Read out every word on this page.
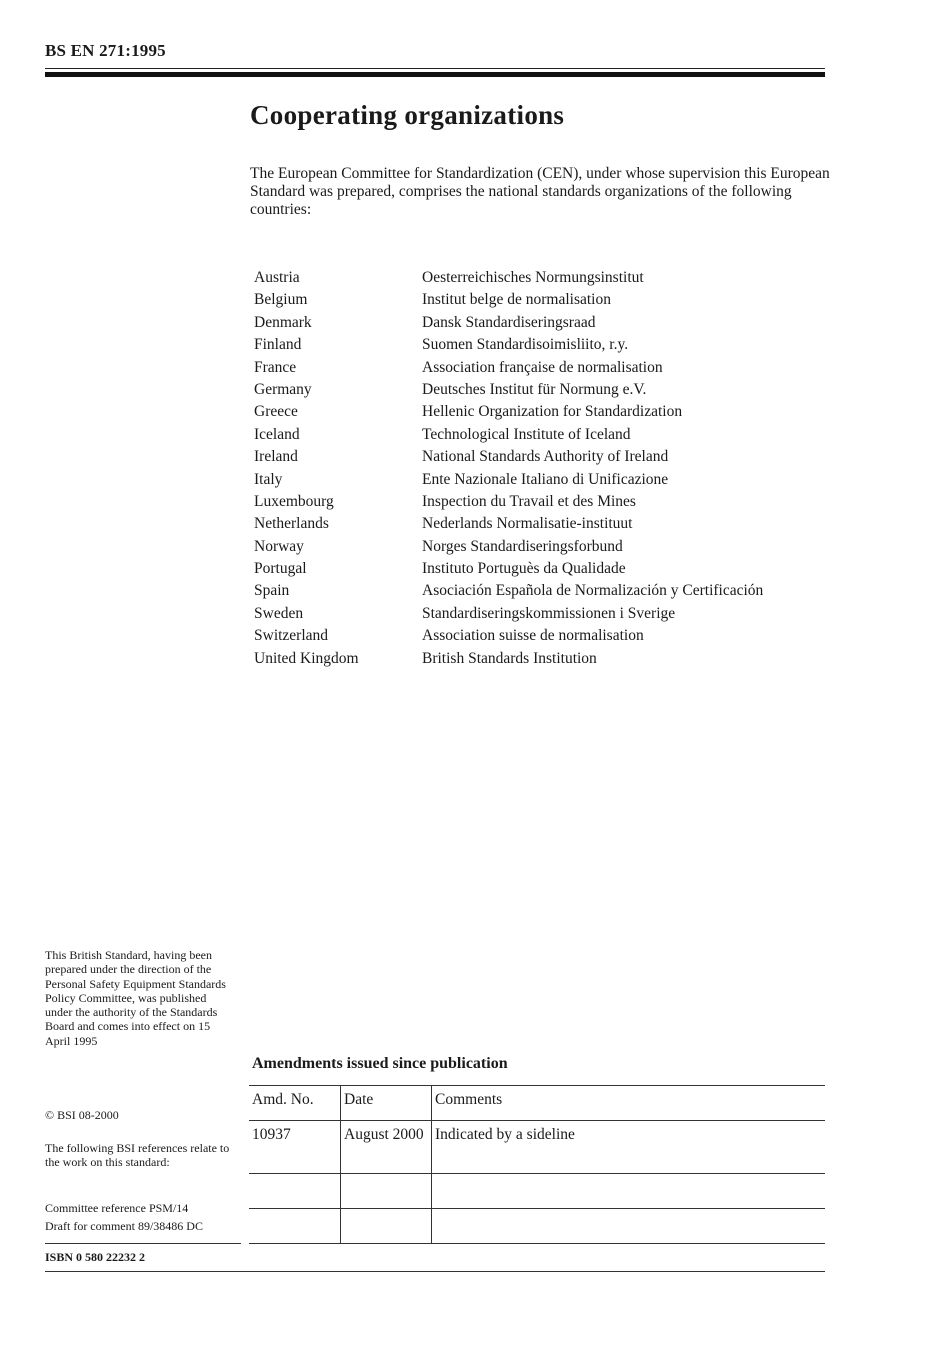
BS EN 271:1995
Cooperating organizations

The European Committee for Standardization (CEN), under whose supervision this European Standard was prepared, comprises the national standards organizations of the following countries:

Austria	Oesterreichisches Normungsinstitut
Belgium	Institut belge de normalisation
Denmark	Dansk Standardiseringsraad
Finland	Suomen Standardisoimisliito, r.y.
France	Association française de normalisation
Germany	Deutsches Institut für Normung e.V.
Greece	Hellenic Organization for Standardization
Iceland	Technological Institute of Iceland
Ireland	National Standards Authority of Ireland
Italy	Ente Nazionale Italiano di Unificazione
Luxembourg	Inspection du Travail et des Mines
Netherlands	Nederlands Normalisatie-instituut
Norway	Norges Standardiseringsforbund
Portugal	Instituto Portuguès da Qualidade
Spain	Asociación Española de Normalización y Certificación
Sweden	Standardiseringskommissionen i Sverige
Switzerland	Association suisse de normalisation
United Kingdom	British Standards Institution
This British Standard, having been prepared under the direction of the Personal Safety Equipment Standards Policy Committee, was published under the authority of the Standards Board and comes into effect on 15 April 1995
© BSI 08-2000
The following BSI references relate to the work on this standard:
Committee reference PSM/14
Draft for comment 89/38486 DC
ISBN 0 580 22232 2
Amendments issued since publication
Amd. No.	Date	Comments
10937	August 2000	Indicated by a sideline
